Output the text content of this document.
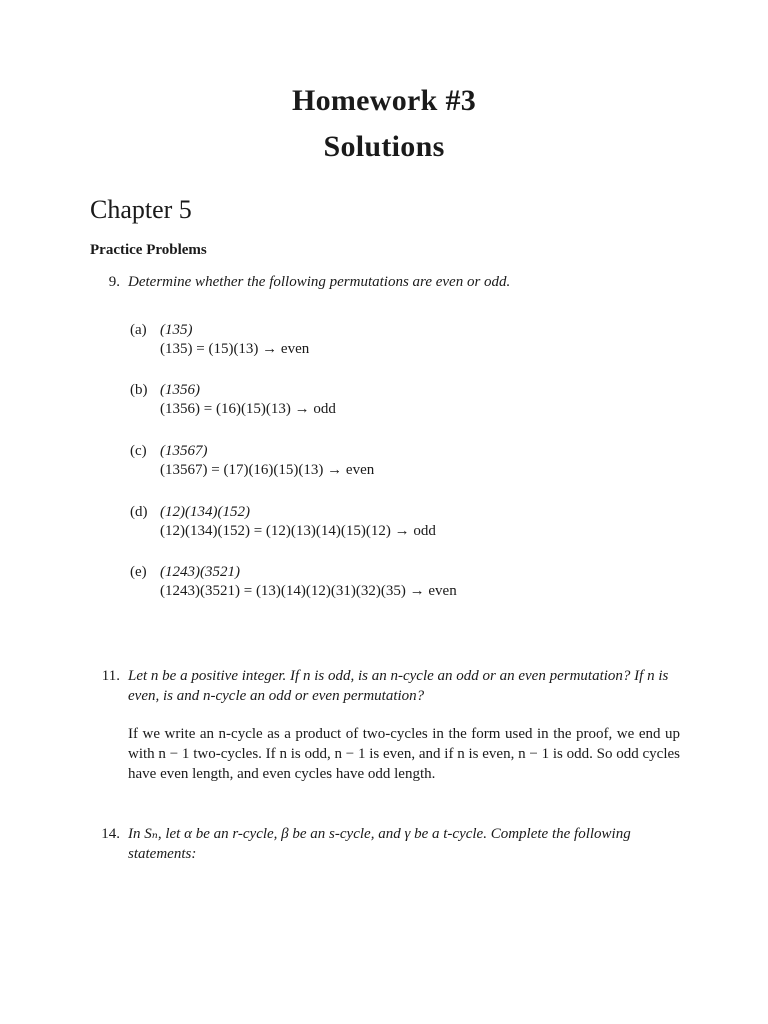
Homework #3
Solutions
Chapter 5
Practice Problems
9. Determine whether the following permutations are even or odd.
(a) (135)
(135) = (15)(13) → even
(b) (1356)
(1356) = (16)(15)(13) → odd
(c) (13567)
(13567) = (17)(16)(15)(13) → even
(d) (12)(134)(152)
(12)(134)(152) = (12)(13)(14)(15)(12) → odd
(e) (1243)(3521)
(1243)(3521) = (13)(14)(12)(31)(32)(35) → even
11. Let n be a positive integer. If n is odd, is an n-cycle an odd or an even permutation? If n is even, is and n-cycle an odd or even permutation?
If we write an n-cycle as a product of two-cycles in the form used in the proof, we end up with n − 1 two-cycles. If n is odd, n − 1 is even, and if n is even, n − 1 is odd. So odd cycles have even length, and even cycles have odd length.
14. In Sₙ, let α be an r-cycle, β be an s-cycle, and γ be a t-cycle. Complete the following statements:
